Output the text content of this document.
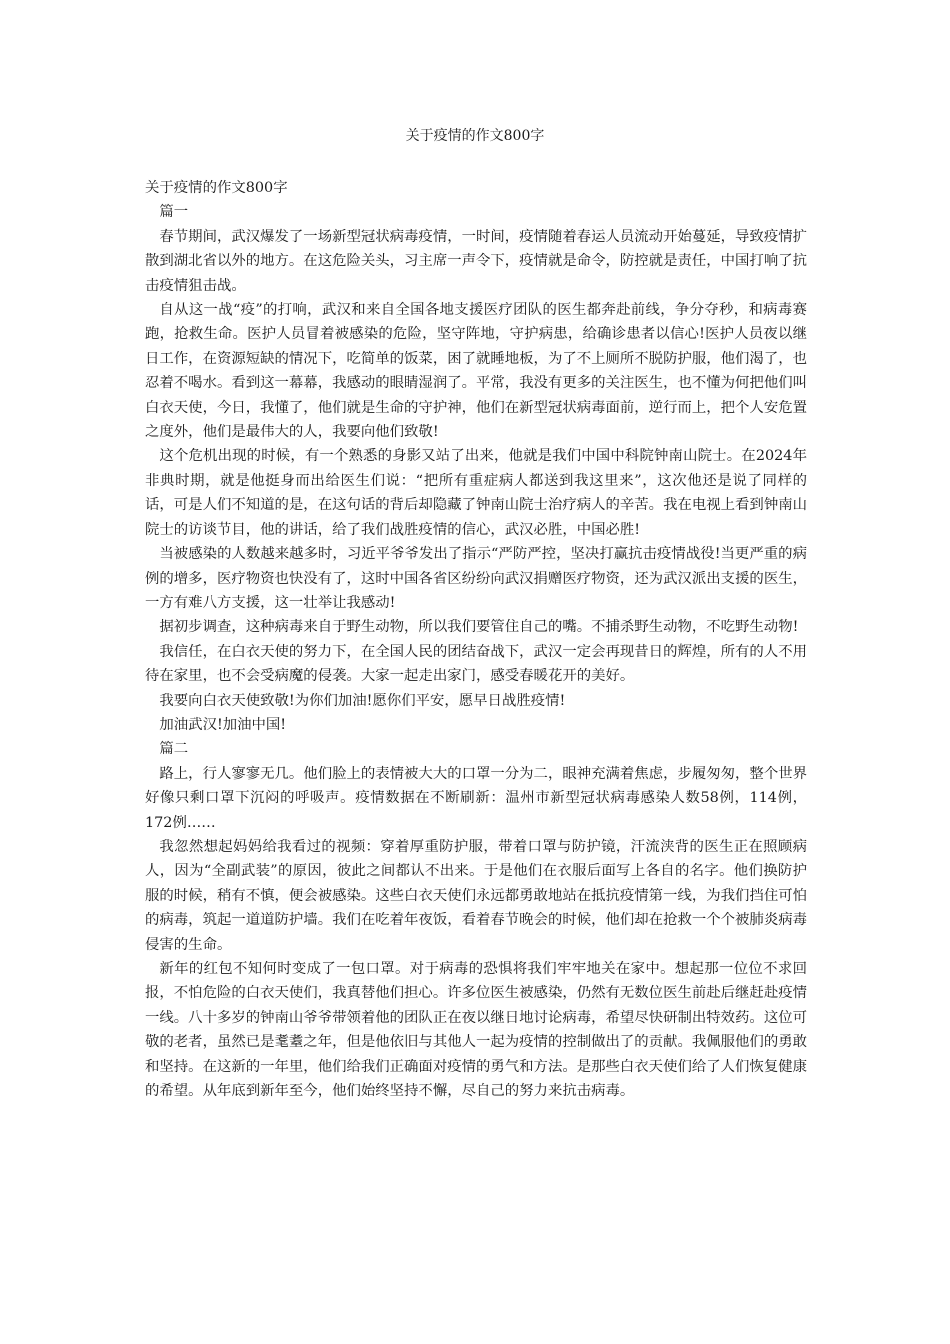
关于疫情的作文800字

关于疫情的作文800字

篇一

春节期间，武汉爆发了一场新型冠状病毒疫情，一时间，疫情随着春运人员流动开始蔓延，导致疫情扩散到湖北省以外的地方。在这危险关头，习主席一声令下，疫情就是命令，防控就是责任，中国打响了抗击疫情狙击战。

自从这一战“疫”的打响，武汉和来自全国各地支援医疗团队的医生都奔赴前线，争分夺秒，和病毒赛跑，抢救生命。医护人员冒着被感染的危险，坚守阵地，守护病患，给确诊患者以信心!医护人员夜以继日工作，在资源短缺的情况下，吃简单的饭菜，困了就睡地板，为了不上厕所不脱防护服，他们渴了，也忍着不喝水。看到这一幕幕，我感动的眼睛湿润了。平常，我没有更多的关注医生，也不懂为何把他们叫白衣天使，今日，我懂了，他们就是生命的守护神，他们在新型冠状病毒面前，逆行而上，把个人安危置之度外，他们是最伟大的人，我要向他们致敬!

这个危机出现的时候，有一个熟悉的身影又站了出来，他就是我们中国中科院钟南山院士。在2024年非典时期，就是他挺身而出给医生们说：“把所有重症病人都送到我这里来”，这次他还是说了同样的话，可是人们不知道的是，在这句话的背后却隐藏了钟南山院士治疗病人的辛苦。我在电视上看到钟南山院士的访谈节目，他的讲话，给了我们战胜疫情的信心，武汉必胜，中国必胜!

当被感染的人数越来越多时，习近平爷爷发出了指示“严防严控，坚决打赢抗击疫情战役!当更严重的病例的增多，医疗物资也快没有了，这时中国各省区纷纷向武汉捐赠医疗物资，还为武汉派出支援的医生，一方有难八方支援，这一壮举让我感动!

据初步调查，这种病毒来自于野生动物，所以我们要管住自己的嘴。不捕杀野生动物，不吃野生动物!

我信任，在白衣天使的努力下，在全国人民的团结奋战下，武汉一定会再现昔日的辉煌，所有的人不用待在家里，也不会受病魔的侵袭。大家一起走出家门，感受春暖花开的美好。

我要向白衣天使致敬!为你们加油!愿你们平安，愿早日战胜疫情!

加油武汉!加油中国!

篇二

路上，行人寥寥无几。他们脸上的表情被大大的口罩一分为二，眼神充满着焦虑，步履匆匆，整个世界好像只剩口罩下沉闷的呼吸声。疫情数据在不断刷新：温州市新型冠状病毒感染人数58例，114例，172例……

我忽然想起妈妈给我看过的视频：穿着厚重防护服，带着口罩与防护镜，汗流浃背的医生正在照顾病人，因为“全副武装”的原因，彼此之间都认不出来。于是他们在衣服后面写上各自的名字。他们换防护服的时候，稍有不慎，便会被感染。这些白衣天使们永远都勇敢地站在抵抗疫情第一线，为我们挡住可怕的病毒，筑起一道道防护墙。我们在吃着年夜饭，看着春节晚会的时候，他们却在抢救一个个被肺炎病毒侵害的生命。

新年的红包不知何时变成了一包口罩。对于病毒的恐惧将我们牢牢地关在家中。想起那一位位不求回报，不怕危险的白衣天使们，我真替他们担心。许多位医生被感染，仍然有无数位医生前赴后继赶赴疫情一线。八十多岁的钟南山爷爷带领着他的团队正在夜以继日地讨论病毒，希望尽快研制出特效药。这位可敬的老者，虽然已是耄耋之年，但是他依旧与其他人一起为疫情的控制做出了的贡献。我佩服他们的勇敢和坚持。在这新的一年里，他们给我们正确面对疫情的勇气和方法。是那些白衣天使们给了人们恢复健康的希望。从年底到新年至今，他们始终坚持不懈，尽自己的努力来抗击病毒。
